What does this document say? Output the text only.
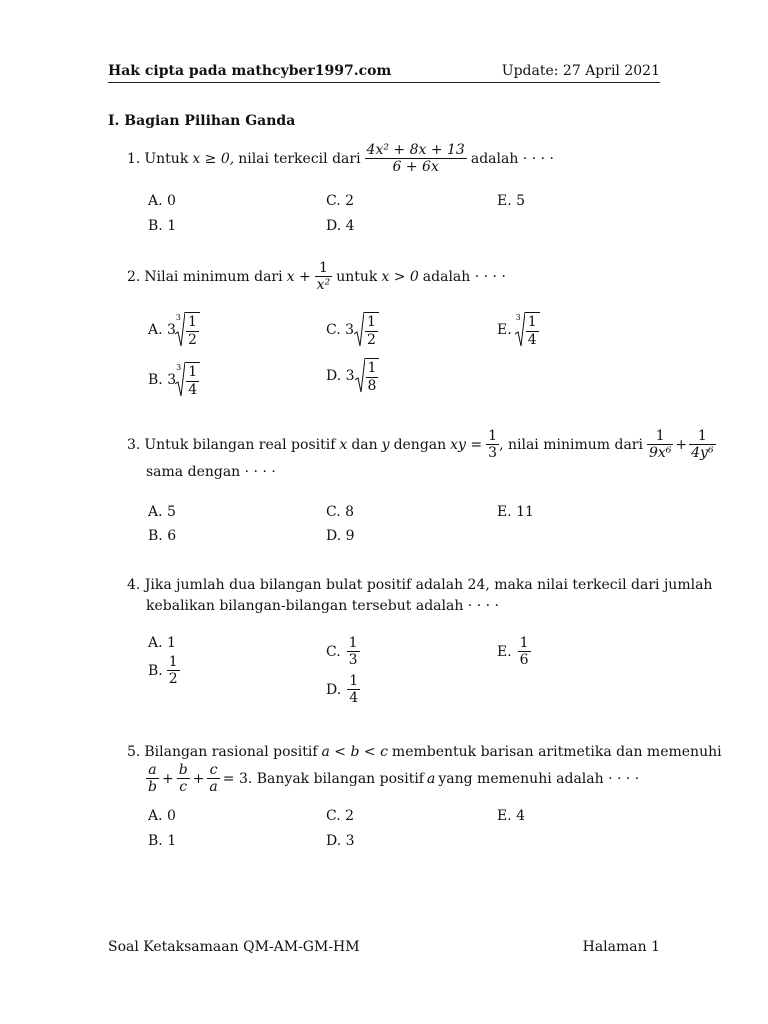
Hak cipta pada mathcyber1997.com	Update: 27 April 2021
I. Bagian Pilihan Ganda
1. Untuk x ≥ 0, nilai terkecil dari $\frac{\text{4x² + 8x + 13}}{6 + 6x}$ adalah · · · ·
A. 0
B. 1
C. 2
D. 4
E. 5
2. Nilai minimum dari $x + \frac{1}{\text{x²}}$ untuk x > 0 adalah · · · ·
A. 3
$3 \frac{1}{2}$
B. 3
$3 \frac{1}{4}$
C. $3 \frac{1}{2}$
D. $3 \frac{1}{8}$
E.
$3 \frac{1}{4}$
3. Untuk bilangan real positif x dan y dengan xy = $\frac{1}{3}$ , nilai minimum dari $\frac{1}{\text{9x⁶}} + \frac{1}{\text{4y⁶}}$
sama dengan · · · ·
A. 5
B. 6
C. 8
D. 9
E. 11
4. Jika jumlah dua bilangan bulat positif adalah 24, maka nilai terkecil dari jumlah
kebalikan bilangan-bilangan tersebut adalah · · · ·
A. 1
B. $\frac{1}{2}$
C. $\frac{1}{3}$
D. $\frac{1}{4}$
E. $\frac{1}{6}$
5. Bilangan rasional positif a < b < c membentuk barisan aritmetika dan memenuhi
$\frac{a}{b} + \frac{b}{c} + \frac{c}{a} = 3$. Banyak bilangan positif a yang memenuhi adalah · · · ·
A. 0
B. 1
C. 2
D. 3
E. 4
Soal Ketaksamaan QM-AM-GM-HM	Halaman 1
